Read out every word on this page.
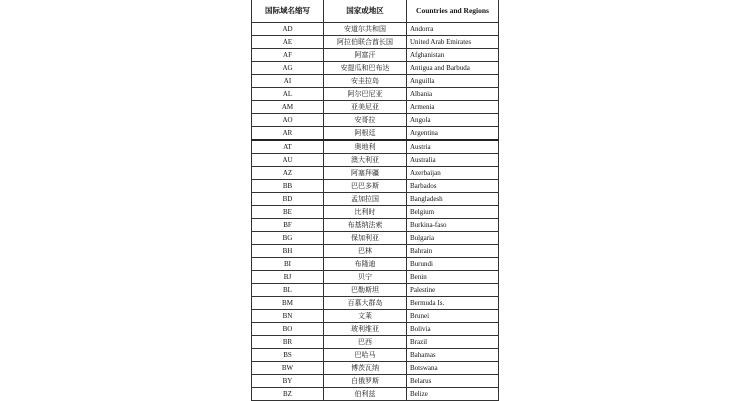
国际域名缩写	国家或地区	Countries and Regions
AD	安道尔共和国	Andorra
AE	阿拉伯联合酋长国	United Arab Emirates
AF	阿富汗	Afghanistan
AG	安提瓜和巴布达	Antigua and Barbuda
AI	安圭拉岛	Anguilla
AL	阿尔巴尼亚	Albania
AM	亚美尼亚	Armenia
AO	安哥拉	Angola
AR	阿根廷	Argentina
AT	奥地利	Austria
AU	澳大利亚	Australia
AZ	阿塞拜疆	Azerbaijan
BB	巴巴多斯	Barbados
BD	孟加拉国	Bangladesh
BE	比利时	Belgium
BF	布基纳法索	Burkina-faso
BG	保加利亚	Bulgaria
BH	巴林	Bahrain
BI	布隆迪	Burundi
BJ	贝宁	Benin
BL	巴勒斯坦	Palestine
BM	百慕大群岛	Bermuda Is.
BN	文莱	Brunei
BO	玻利维亚	Bolivia
BR	巴西	Brazil
BS	巴哈马	Bahamas
BW	博茨瓦纳	Botswana
BY	白俄罗斯	Belarus
BZ	伯利兹	Belize
